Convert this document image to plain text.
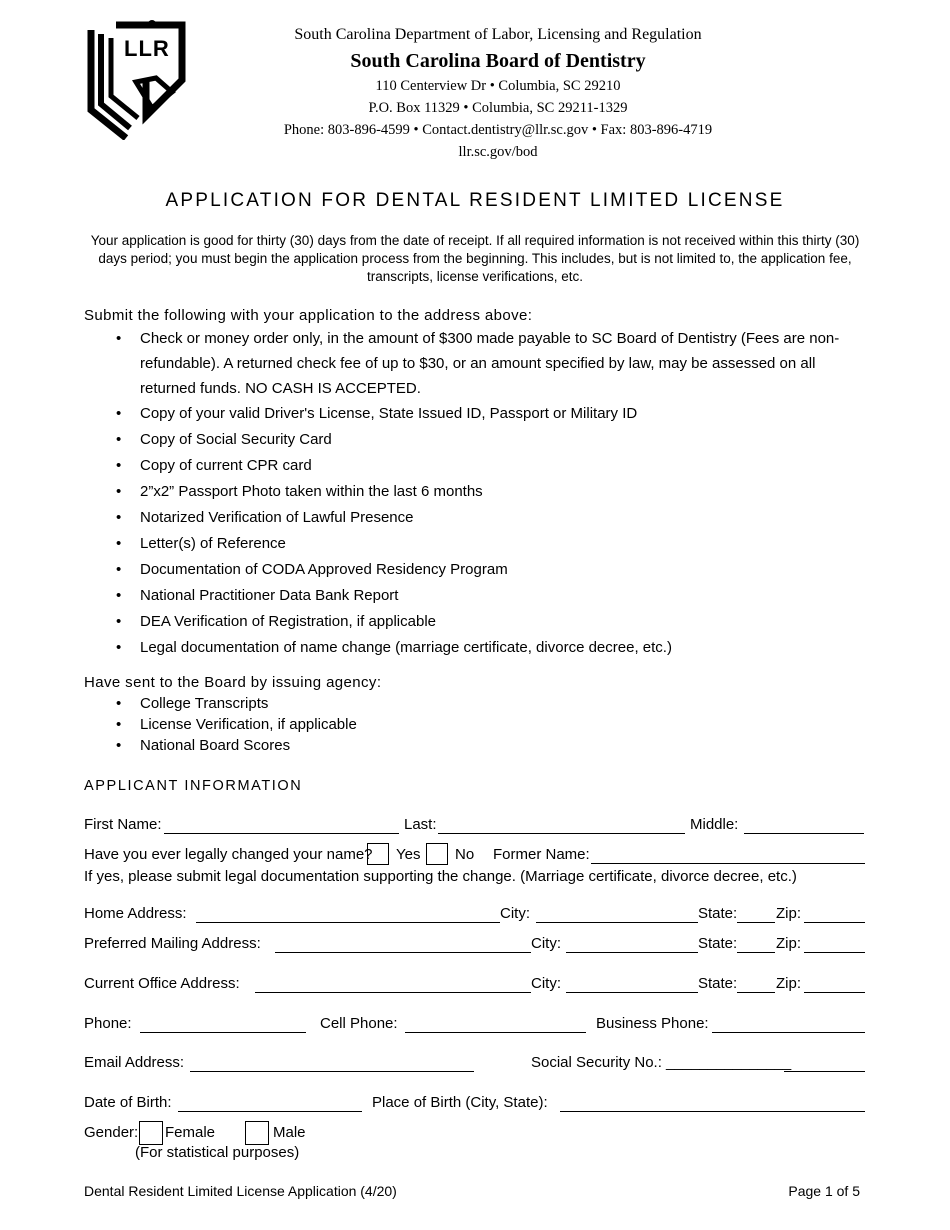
LLR
South Carolina Department of Labor, Licensing and Regulation
South Carolina Board of Dentistry
110 Centerview Dr • Columbia, SC 29210
P.O. Box 11329 • Columbia, SC 29211-1329
Phone: 803-896-4599 • Contact.dentistry@llr.sc.gov • Fax: 803-896-4719
llr.sc.gov/bod
APPLICATION FOR DENTAL RESIDENT LIMITED LICENSE
Your application is good for thirty (30) days from the date of receipt. If all required information is not received within this thirty (30) days period; you must begin the application process from the beginning. This includes, but is not limited to, the application fee, transcripts, license verifications, etc.
Submit the following with your application to the address above:
• Check or money order only, in the amount of $300 made payable to SC Board of Dentistry (Fees are non-refundable). A returned check fee of up to $30, or an amount specified by law, may be assessed on all returned funds. NO CASH IS ACCEPTED.
• Copy of your valid Driver's License, State Issued ID, Passport or Military ID
• Copy of Social Security Card
• Copy of current CPR card
• 2”x2” Passport Photo taken within the last 6 months
• Notarized Verification of Lawful Presence
• Letter(s) of Reference
• Documentation of CODA Approved Residency Program
• National Practitioner Data Bank Report
• DEA Verification of Registration, if applicable
• Legal documentation of name change (marriage certificate, divorce decree, etc.)
Have sent to the Board by issuing agency:
• College Transcripts
• License Verification, if applicable
• National Board Scores
APPLICANT INFORMATION
First Name:	Last:	Middle:
Have you ever legally changed your name? Yes No Former Name:
If yes, please submit legal documentation supporting the change. (Marriage certificate, divorce decree, etc.)
Home Address:	City:	State:	Zip:
Preferred Mailing Address:	City:	State:	Zip:
Current Office Address:	City:	State:	Zip:
Phone:	Cell Phone:	Business Phone:
Email Address:	Social Security No.: _______________
Date of Birth:	Place of Birth (City, State):
Gender: Female	Male
(For statistical purposes)
Dental Resident Limited License Application (4/20)	Page 1 of 5
